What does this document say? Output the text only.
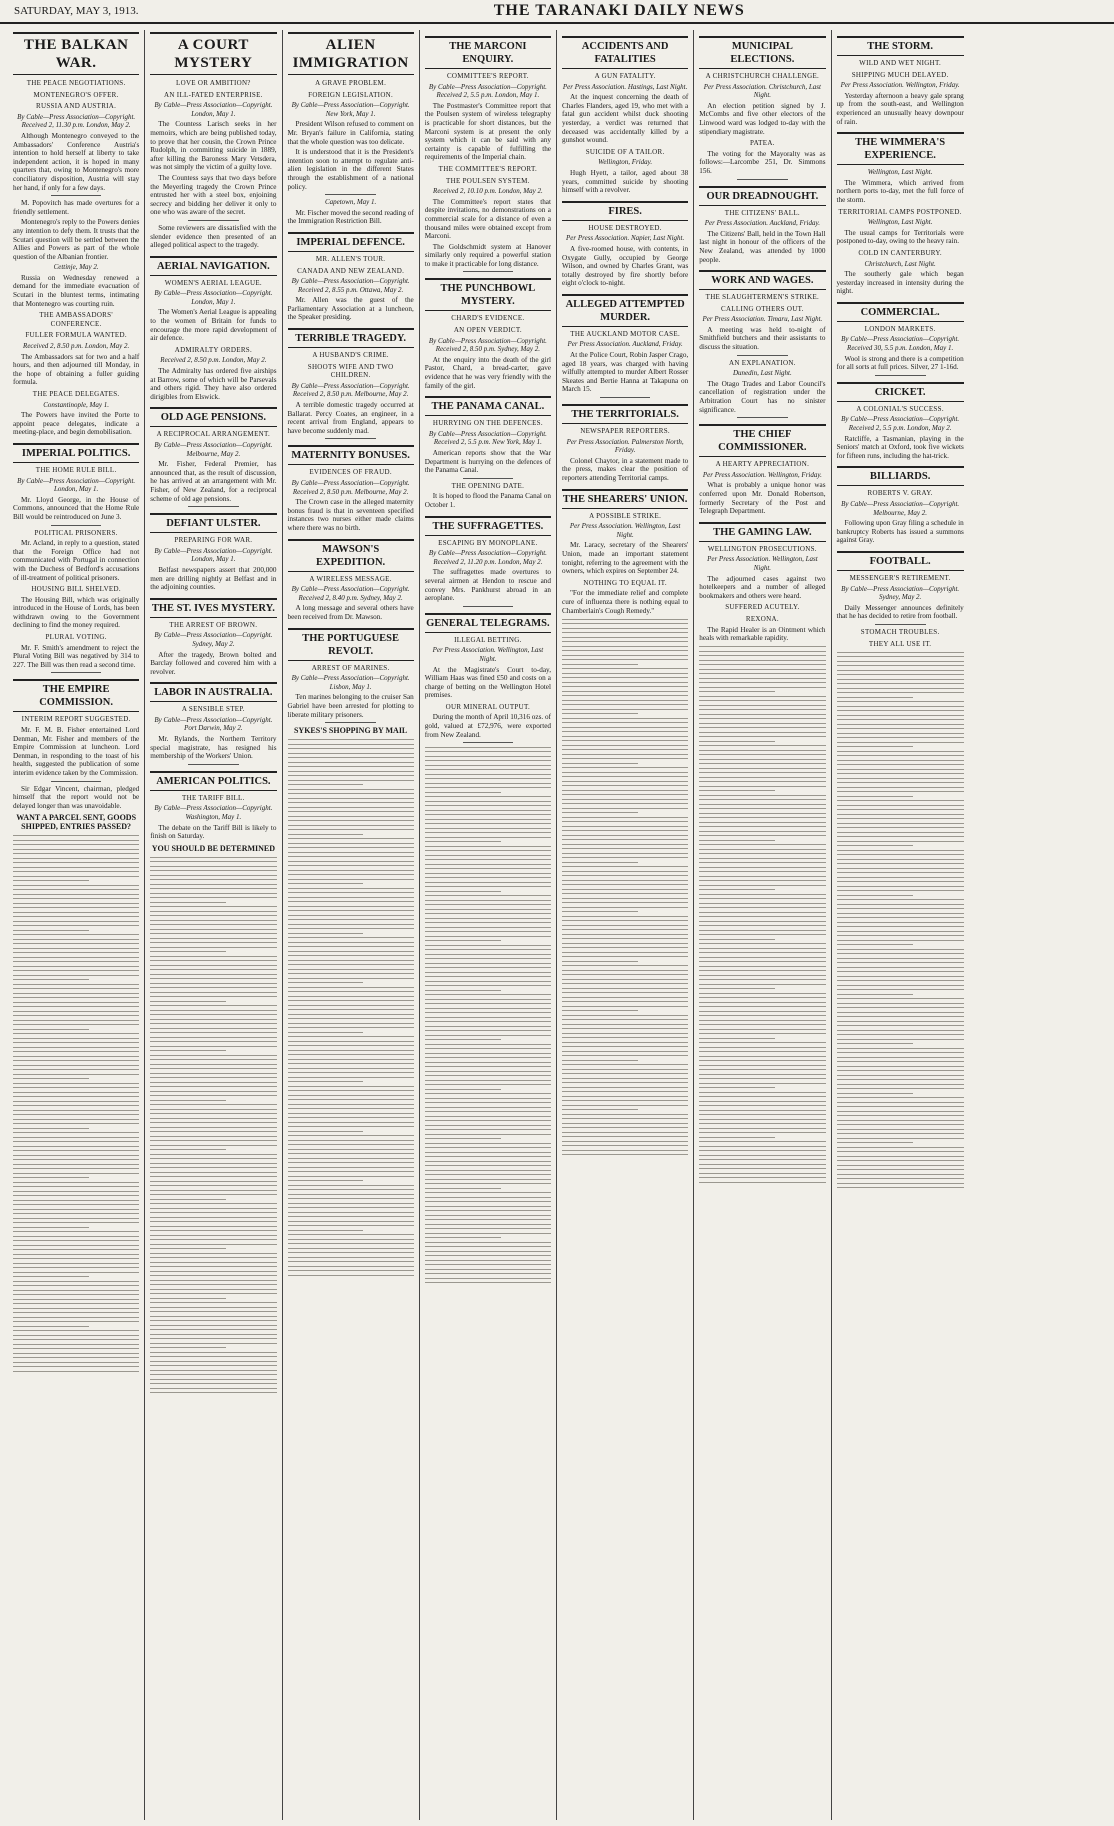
SATURDAY, MAY 3, 1913.	THE TARANAKI DAILY NEWS
THE BALKAN WAR.
THE PEACE NEGOTIATIONS.
MONTENEGRO'S OFFER.
RUSSIA AND AUSTRIA.
By Cable—Press Association—Copyright. Received 2, 11.30 p.m. London, May 2.
Although Montenegro conveyed to the Ambassadors' Conference Austria's intention to hold herself at liberty to take independent action, it is hoped in many quarters that, owing to Montenegro's more conciliatory disposition, Austria will stay her hand, if only for a few days.
M. Popovitch has made overtures for a friendly settlement.
Montenegro's reply to the Powers denies any intention to defy them. It trusts that the Scutari question will be settled between the Allies and Powers as part of the whole question of the Albanian frontier.
Cettinje, May 2.
Russia on Wednesday renewed a demand for the immediate evacuation of Scutari in the bluntest terms, intimating that Montenegro was courting ruin.
THE AMBASSADORS' CONFERENCE.
FULLER FORMULA WANTED.
Received 2, 8.50 p.m. London, May 2.
The Ambassadors sat for two and a half hours, and then adjourned till Monday, in the hope of obtaining a fuller guiding formula.
THE PEACE DELEGATES.
Constantinople, May 1.
The Powers have invited the Porte to appoint peace delegates, indicate a meeting-place, and begin demobilisation.
IMPERIAL POLITICS.
THE HOME RULE BILL.
By Cable—Press Association—Copyright. London, May 1.
Mr. Lloyd George, in the House of Commons, announced that the Home Rule Bill would be reintroduced on June 3.
POLITICAL PRISONERS.
Mr. Acland, in reply to a question, stated that the Foreign Office had not communicated with Portugal in connection with the Duchess of Bedford's accusations of ill-treatment of political prisoners.
HOUSING BILL SHELVED.
The Housing Bill, which was originally introduced in the House of Lords, has been withdrawn owing to the Government declining to find the money required.
PLURAL VOTING.
Mr. F. Smith's amendment to reject the Plural Voting Bill was negatived by 314 to 227. The Bill was then read a second time.
THE EMPIRE COMMISSION.
INTERIM REPORT SUGGESTED.
Mr. F. M. B. Fisher entertained Lord Denman, Mr. Fisher and members of the Empire Commission at luncheon. Lord Denman, in responding to the toast of his health, suggested the publication of some interim evidence taken by the Commission.
Sir Edgar Vincent, chairman, pledged himself that the report would not be delayed longer than was unavoidable.
WANT A PARCEL SENT, GOODS SHIPPED, ENTRIES PASSED?
A COURT MYSTERY
LOVE OR AMBITION?
AN ILL-FATED ENTERPRISE.
By Cable—Press Association—Copyright. London, May 1.
The Countess Larisch seeks in her memoirs, which are being published today, to prove that her cousin, the Crown Prince Rudolph, in committing suicide in 1889, after killing the Baroness Mary Vetsdera, was not simply the victim of a guilty love.
The Countess says that two days before the Meyerling tragedy the Crown Prince entrusted her with a steel box, enjoining secrecy and bidding her deliver it only to one who was aware of the secret.
Some reviewers are dissatisfied with the slender evidence then presented of an alleged political aspect to the tragedy.
AERIAL NAVIGATION.
WOMEN'S AERIAL LEAGUE.
By Cable—Press Association—Copyright. London, May 1.
The Women's Aerial League is appealing to the women of Britain for funds to encourage the more rapid development of air defence.
ADMIRALTY ORDERS.
Received 2, 8.50 p.m. London, May 2.
The Admiralty has ordered five airships at Barrow, some of which will be Parsevals and others rigid. They have also ordered dirigibles from Elswick.
OLD AGE PENSIONS.
A RECIPROCAL ARRANGEMENT.
By Cable—Press Association—Copyright. Melbourne, May 2.
Mr. Fisher, Federal Premier, has announced that, as the result of discussion, he has arrived at an arrangement with Mr. Fisher, of New Zealand, for a reciprocal scheme of old age pensions.
DEFIANT ULSTER.
PREPARING FOR WAR.
By Cable—Press Association—Copyright. London, May 1.
Belfast newspapers assert that 200,000 men are drilling nightly at Belfast and in the adjoining counties.
THE ST. IVES MYSTERY.
THE ARREST OF BROWN.
By Cable—Press Association—Copyright. Sydney, May 2.
After the tragedy, Brown bolted and Barclay followed and covered him with a revolver.
LABOR IN AUSTRALIA.
A SENSIBLE STEP.
By Cable—Press Association—Copyright. Port Darwin, May 2.
Mr. Rylands, the Northern Territory special magistrate, has resigned his membership of the Workers' Union.
AMERICAN POLITICS.
THE TARIFF BILL.
By Cable—Press Association—Copyright. Washington, May 1.
The debate on the Tariff Bill is likely to finish on Saturday.
YOU SHOULD BE DETERMINED
ALIEN IMMIGRATION
A GRAVE PROBLEM.
FOREIGN LEGISLATION.
By Cable—Press Association—Copyright. New York, May 1.
President Wilson refused to comment on Mr. Bryan's failure in California, stating that the whole question was too delicate.
It is understood that it is the President's intention soon to attempt to regulate anti-alien legislation in the different States through the establishment of a national policy.
Capetown, May 1.
Mr. Fischer moved the second reading of the Immigration Restriction Bill.
IMPERIAL DEFENCE.
MR. ALLEN'S TOUR.
CANADA AND NEW ZEALAND.
By Cable—Press Association—Copyright. Received 2, 8.55 p.m. Ottawa, May 2.
Mr. Allen was the guest of the Parliamentary Association at a luncheon, the Speaker presiding.
TERRIBLE TRAGEDY.
A HUSBAND'S CRIME.
SHOOTS WIFE AND TWO CHILDREN.
By Cable—Press Association—Copyright. Received 2, 8.50 p.m. Melbourne, May 2.
A terrible domestic tragedy occurred at Ballarat. Percy Coates, an engineer, in a recent arrival from England, appears to have become suddenly mad.
MATERNITY BONUSES.
EVIDENCES OF FRAUD.
By Cable—Press Association—Copyright. Received 2, 8.50 p.m. Melbourne, May 2.
The Crown case in the alleged maternity bonus fraud is that in seventeen specified instances two nurses either made claims where there was no birth.
MAWSON'S EXPEDITION.
A WIRELESS MESSAGE.
By Cable—Press Association—Copyright. Received 2, 8.40 p.m. Sydney, May 2.
A long message and several others have been received from Dr. Mawson.
THE PORTUGUESE REVOLT.
ARREST OF MARINES.
By Cable—Press Association—Copyright. Lisbon, May 1.
Ten marines belonging to the cruiser San Gabriel have been arrested for plotting to liberate military prisoners.
SYKES'S SHOPPING BY MAIL
THE MARCONI ENQUIRY.
COMMITTEE'S REPORT.
By Cable—Press Association—Copyright. Received 2, 5.5 p.m. London, May 1.
The Postmaster's Committee report that the Poulsen system of wireless telegraphy is practicable for short distances, but the Marconi system is at present the only system which it can be said with any certainty is capable of fulfilling the requirements of the Imperial chain.
THE COMMITTEE'S REPORT.
THE POULSEN SYSTEM.
Received 2, 10.10 p.m. London, May 2.
The Committee's report states that despite invitations, no demonstrations on a commercial scale for a distance of even a thousand miles were obtained except from Marconi.
The Goldschmidt system at Hanover similarly only required a powerful station to make it practicable for long distance.
THE PUNCHBOWL MYSTERY.
CHARD'S EVIDENCE.
AN OPEN VERDICT.
By Cable—Press Association—Copyright. Received 2, 8.50 p.m. Sydney, May 2.
At the enquiry into the death of the girl Pastor, Chard, a bread-carter, gave evidence that he was very friendly with the family of the girl.
THE PANAMA CANAL.
HURRYING ON THE DEFENCES.
By Cable—Press Association—Copyright. Received 2, 5.5 p.m. New York, May 1.
American reports show that the War Department is hurrying on the defences of the Panama Canal.
THE OPENING DATE.
It is hoped to flood the Panama Canal on October 1.
THE SUFFRAGETTES.
ESCAPING BY MONOPLANE.
By Cable—Press Association—Copyright. Received 2, 11.20 p.m. London, May 2.
The suffragettes made overtures to several airmen at Hendon to rescue and convey Mrs. Pankhurst abroad in an aeroplane.
GENERAL TELEGRAMS.
ILLEGAL BETTING.
Per Press Association. Wellington, Last Night.
At the Magistrate's Court to-day, William Haas was fined £50 and costs on a charge of betting on the Wellington Hotel premises.
OUR MINERAL OUTPUT.
During the month of April 10,316 ozs. of gold, valued at £72,976, were exported from New Zealand.
ACCIDENTS AND FATALITIES
A GUN FATALITY.
Per Press Association. Hastings, Last Night.
At the inquest concerning the death of Charles Flanders, aged 19, who met with a fatal gun accident whilst duck shooting yesterday, a verdict was returned that deceased was accidentally killed by a gunshot wound.
SUICIDE OF A TAILOR.
Wellington, Friday.
Hugh Hyett, a tailor, aged about 38 years, committed suicide by shooting himself with a revolver.
FIRES.
HOUSE DESTROYED.
Per Press Association. Napier, Last Night.
A five-roomed house, with contents, in Oxygate Gully, occupied by George Wilson, and owned by Charles Grant, was totally destroyed by fire shortly before eight o'clock to-night.
ALLEGED ATTEMPTED MURDER.
THE AUCKLAND MOTOR CASE.
Per Press Association. Auckland, Friday.
At the Police Court, Robin Jasper Crago, aged 18 years, was charged with having wilfully attempted to murder Albert Rosser Skeates and Bertie Hanna at Takapuna on March 15.
THE TERRITORIALS.
NEWSPAPER REPORTERS.
Per Press Association. Palmerston North, Friday.
Colonel Chaytor, in a statement made to the press, makes clear the position of reporters attending Territorial camps.
THE SHEARERS' UNION.
A POSSIBLE STRIKE.
Per Press Association. Wellington, Last Night.
Mr. Laracy, secretary of the Shearers' Union, made an important statement tonight, referring to the agreement with the owners, which expires on September 24.
NOTHING TO EQUAL IT.
"For the immediate relief and complete cure of influenza there is nothing equal to Chamberlain's Cough Remedy."
MUNICIPAL ELECTIONS.
A CHRISTCHURCH CHALLENGE.
Per Press Association. Christchurch, Last Night.
An election petition signed by J. McCombs and five other electors of the Linwood ward was lodged to-day with the stipendiary magistrate.
PATEA.
The voting for the Mayoralty was as follows:—Larcombe 251, Dr. Simmons 156.
OUR DREADNOUGHT.
THE CITIZENS' BALL.
Per Press Association. Auckland, Friday.
The Citizens' Ball, held in the Town Hall last night in honour of the officers of the New Zealand, was attended by 1000 people.
WORK AND WAGES.
THE SLAUGHTERMEN'S STRIKE.
CALLING OTHERS OUT.
Per Press Association. Timaru, Last Night.
A meeting was held to-night of Smithfield butchers and their assistants to discuss the situation.
AN EXPLANATION.
Dunedin, Last Night.
The Otago Trades and Labor Council's cancellation of registration under the Arbitration Court has no sinister significance.
THE CHIEF COMMISSIONER.
A HEARTY APPRECIATION.
Per Press Association. Wellington, Friday.
What is probably a unique honor was conferred upon Mr. Donald Robertson, formerly Secretary of the Post and Telegraph Department.
THE GAMING LAW.
WELLINGTON PROSECUTIONS.
Per Press Association. Wellington, Last Night.
The adjourned cases against two hotelkeepers and a number of alleged bookmakers and others were heard.
SUFFERED ACUTELY.
REXONA.
The Rapid Healer is an Ointment which heals with remarkable rapidity.
THE STORM.
WILD AND WET NIGHT.
SHIPPING MUCH DELAYED.
Per Press Association. Wellington, Friday.
Yesterday afternoon a heavy gale sprang up from the south-east, and Wellington experienced an unusually heavy downpour of rain.
THE WIMMERA'S EXPERIENCE.
Wellington, Last Night.
The Wimmera, which arrived from northern ports to-day, met the full force of the storm.
TERRITORIAL CAMPS POSTPONED.
Wellington, Last Night.
The usual camps for Territorials were postponed to-day, owing to the heavy rain.
COLD IN CANTERBURY.
Christchurch, Last Night.
The southerly gale which began yesterday increased in intensity during the night.
COMMERCIAL.
LONDON MARKETS.
By Cable—Press Association—Copyright. Received 30, 5.5 p.m. London, May 1.
Wool is strong and there is a competition for all sorts at full prices. Silver, 27 1-16d.
CRICKET.
A COLONIAL'S SUCCESS.
By Cable—Press Association—Copyright. Received 2, 5.5 p.m. London, May 2.
Ratcliffe, a Tasmanian, playing in the Seniors' match at Oxford, took five wickets for fifteen runs, including the hat-trick.
BILLIARDS.
ROBERTS V. GRAY.
By Cable—Press Association—Copyright. Melbourne, May 2.
Following upon Gray filing a schedule in bankruptcy Roberts has issued a summons against Gray.
FOOTBALL.
MESSENGER'S RETIREMENT.
By Cable—Press Association—Copyright. Sydney, May 2.
Daily Messenger announces definitely that he has decided to retire from football.
STOMACH TROUBLES.
THEY ALL USE IT.
